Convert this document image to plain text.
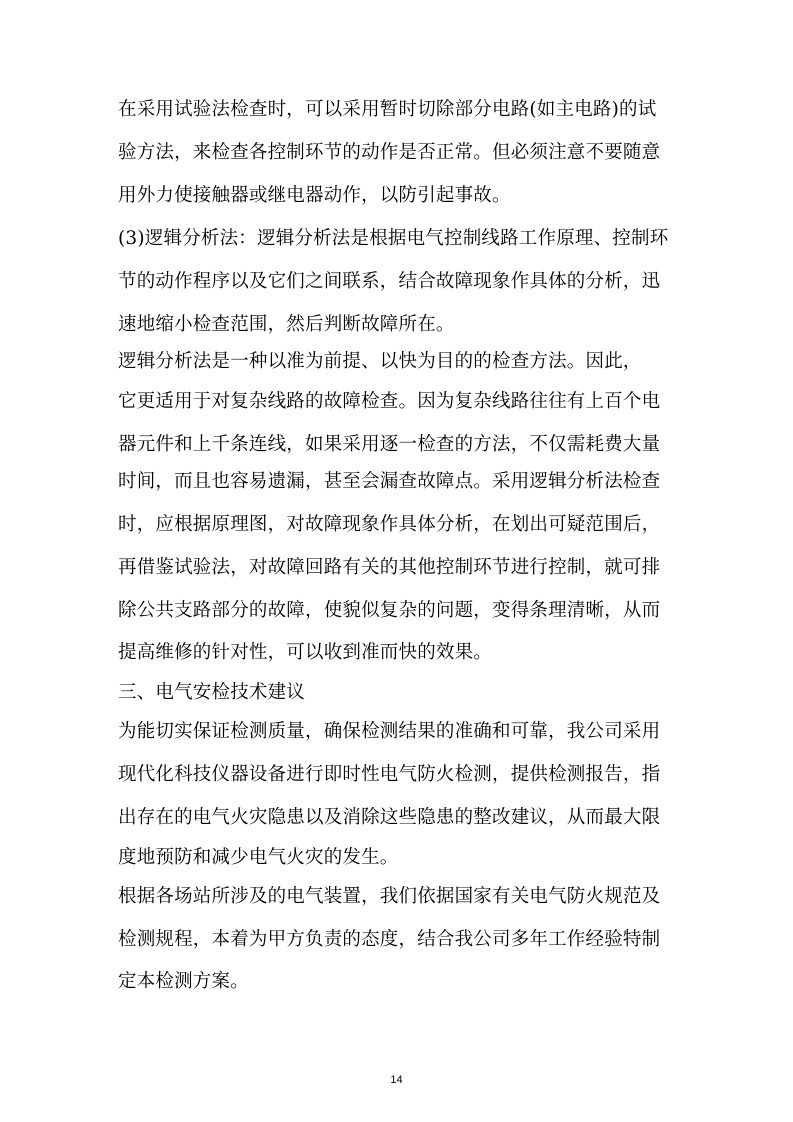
在采用试验法检查时，可以采用暂时切除部分电路(如主电路)的试
验方法，来检查各控制环节的动作是否正常。但必须注意不要随意
用外力使接触器或继电器动作，以防引起事故。
(3)逻辑分析法：逻辑分析法是根据电气控制线路工作原理、控制环
节的动作程序以及它们之间联系，结合故障现象作具体的分析，迅
速地缩小检查范围，然后判断故障所在。
逻辑分析法是一种以准为前提、以快为目的的检查方法。因此，
它更适用于对复杂线路的故障检查。因为复杂线路往往有上百个电
器元件和上千条连线，如果采用逐一检查的方法，不仅需耗费大量
时间，而且也容易遗漏，甚至会漏查故障点。采用逻辑分析法检查
时，应根据原理图，对故障现象作具体分析，在划出可疑范围后，
再借鉴试验法，对故障回路有关的其他控制环节进行控制，就可排
除公共支路部分的故障，使貌似复杂的问题，变得条理清晰，从而
提高维修的针对性，可以收到准而快的效果。
三、电气安检技术建议
为能切实保证检测质量，确保检测结果的准确和可靠，我公司采用
现代化科技仪器设备进行即时性电气防火检测，提供检测报告，指
出存在的电气火灾隐患以及消除这些隐患的整改建议，从而最大限
度地预防和减少电气火灾的发生。
根据各场站所涉及的电气装置，我们依据国家有关电气防火规范及
检测规程，本着为甲方负责的态度，结合我公司多年工作经验特制
定本检测方案。
14
